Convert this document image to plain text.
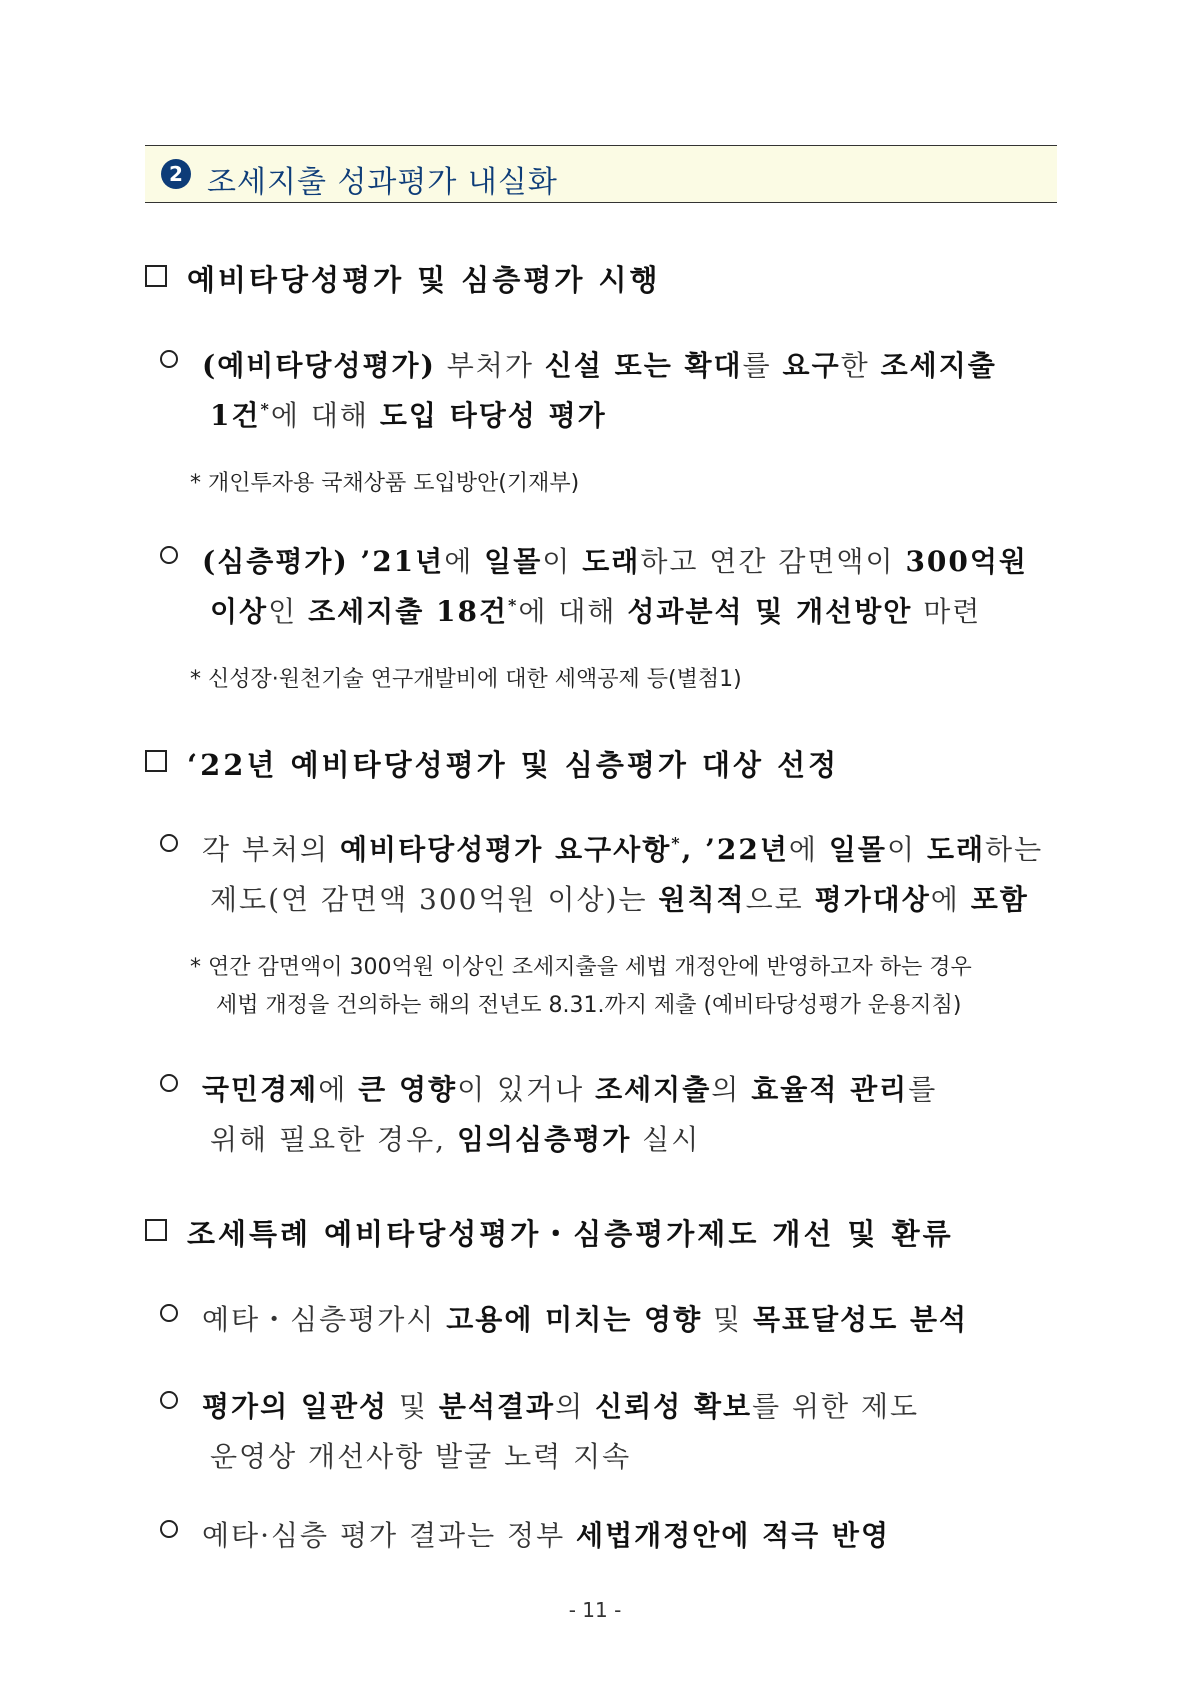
2 조세지출 성과평가 내실화
예비타당성평가 및 심층평가 시행
(예비타당성평가) 부처가 신설 또는 확대를 요구한 조세지출
1건*에 대해 도입 타당성 평가
* 개인투자용 국채상품 도입방안(기재부)
(심층평가) ’21년에 일몰이 도래하고 연간 감면액이 300억원
이상인 조세지출 18건*에 대해 성과분석 및 개선방안 마련
* 신성장·원천기술 연구개발비에 대한 세액공제 등(별첨1)
‘22년 예비타당성평가 및 심층평가 대상 선정
각 부처의 예비타당성평가 요구사항*, ’22년에 일몰이 도래하는
제도(연 감면액 300억원 이상)는 원칙적으로 평가대상에 포함
* 연간 감면액이 300억원 이상인 조세지출을 세법 개정안에 반영하고자 하는 경우
세법 개정을 건의하는 해의 전년도 8.31.까지 제출 (예비타당성평가 운용지침)
국민경제에 큰 영향이 있거나 조세지출의 효율적 관리를
위해 필요한 경우, 임의심층평가 실시
조세특례 예비타당성평가・심층평가제도 개선 및 환류
예타・심층평가시 고용에 미치는 영향 및 목표달성도 분석
평가의 일관성 및 분석결과의 신뢰성 확보를 위한 제도
운영상 개선사항 발굴 노력 지속
예타·심층 평가 결과는 정부 세법개정안에 적극 반영
- 11 -
